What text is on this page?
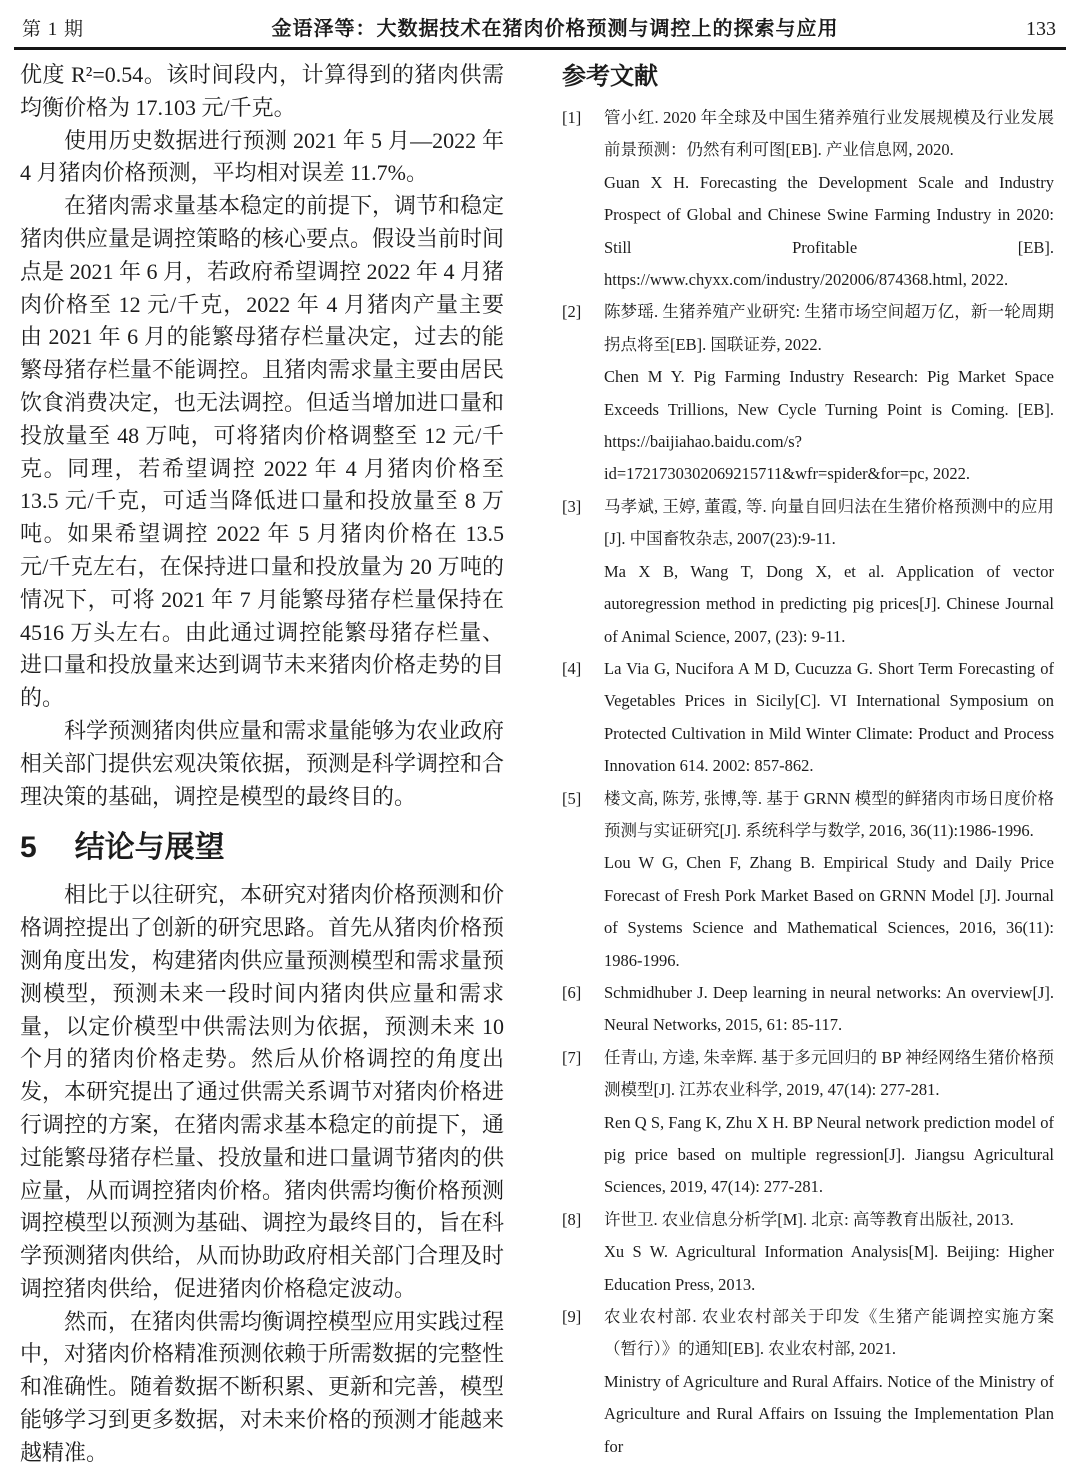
第 1 期	金语泽等：大数据技术在猪肉价格预测与调控上的探索与应用	133

优度 R²=0.54。该时间段内，计算得到的猪肉供需均衡价格为 17.103 元/千克。

使用历史数据进行预测 2021 年 5 月—2022 年 4 月猪肉价格预测，平均相对误差 11.7%。

在猪肉需求量基本稳定的前提下，调节和稳定猪肉供应量是调控策略的核心要点。假设当前时间点是 2021 年 6 月，若政府希望调控 2022 年 4 月猪肉价格至 12 元/千克，2022 年 4 月猪肉产量主要由 2021 年 6 月的能繁母猪存栏量决定，过去的能繁母猪存栏量不能调控。且猪肉需求量主要由居民饮食消费决定，也无法调控。但适当增加进口量和投放量至 48 万吨，可将猪肉价格调整至 12 元/千克。同理，若希望调控 2022 年 4 月猪肉价格至 13.5 元/千克，可适当降低进口量和投放量至 8 万吨。如果希望调控 2022 年 5 月猪肉价格在 13.5 元/千克左右，在保持进口量和投放量为 20 万吨的情况下，可将 2021 年 7 月能繁母猪存栏量保持在 4516 万头左右。由此通过调控能繁母猪存栏量、进口量和投放量来达到调节未来猪肉价格走势的目的。

科学预测猪肉供应量和需求量能够为农业政府相关部门提供宏观决策依据，预测是科学调控和合理决策的基础，调控是模型的最终目的。

5 结论与展望

相比于以往研究，本研究对猪肉价格预测和价格调控提出了创新的研究思路。首先从猪肉价格预测角度出发，构建猪肉供应量预测模型和需求量预测模型，预测未来一段时间内猪肉供应量和需求量，以定价模型中供需法则为依据，预测未来 10 个月的猪肉价格走势。然后从价格调控的角度出发，本研究提出了通过供需关系调节对猪肉价格进行调控的方案，在猪肉需求基本稳定的前提下，通过能繁母猪存栏量、投放量和进口量调节猪肉的供应量，从而调控猪肉价格。猪肉供需均衡价格预测调控模型以预测为基础、调控为最终目的，旨在科学预测猪肉供给，从而协助政府相关部门合理及时调控猪肉供给，促进猪肉价格稳定波动。

然而，在猪肉供需均衡调控模型应用实践过程中，对猪肉价格精准预测依赖于所需数据的完整性和准确性。随着数据不断积累、更新和完善，模型能够学习到更多数据，对未来价格的预测才能越来越精准。

参考文献
[1]	管小红. 2020 年全球及中国生猪养殖行业发展规模及行业发展前景预测：仍然有利可图[EB]. 产业信息网, 2020.

Guan X H. Forecasting the Development Scale and Industry Prospect of Global and Chinese Swine Farming Industry in 2020: Still Profitable [EB]. https://www.chyxx.com/industry/202006/874368.html, 2022.

[2]	陈梦瑶. 生猪养殖产业研究: 生猪市场空间超万亿，新一轮周期拐点将至[EB]. 国联证券, 2022.

Chen M Y. Pig Farming Industry Research: Pig Market Space Exceeds Trillions, New Cycle Turning Point is Coming. [EB]. https://baijiahao.baidu.com/s?id=1721730302069215711&wfr=spider&for=pc, 2022.

[3]	马孝斌, 王婷, 董霞, 等. 向量自回归法在生猪价格预测中的应用[J]. 中国畜牧杂志, 2007(23):9-11.

Ma X B, Wang T, Dong X, et al. Application of vector autoregression method in predicting pig prices[J]. Chinese Journal of Animal Science, 2007, (23): 9-11.

[4]	La Via G, Nucifora A M D, Cucuzza G. Short Term Forecasting of Vegetables Prices in Sicily[C]. VI International Symposium on Protected Cultivation in Mild Winter Climate: Product and Process Innovation 614. 2002: 857-862.

[5]	楼文高, 陈芳, 张博,等. 基于 GRNN 模型的鲜猪肉市场日度价格预测与实证研究[J]. 系统科学与数学, 2016, 36(11):1986-1996.

Lou W G, Chen F, Zhang B. Empirical Study and Daily Price Forecast of Fresh Pork Market Based on GRNN Model [J]. Journal of Systems Science and Mathematical Sciences, 2016, 36(11): 1986-1996.

[6]	Schmidhuber J. Deep learning in neural networks: An overview[J]. Neural Networks, 2015, 61: 85-117.

[7]	任青山, 方逵, 朱幸辉. 基于多元回归的 BP 神经网络生猪价格预测模型[J]. 江苏农业科学, 2019, 47(14): 277-281.

Ren Q S, Fang K, Zhu X H. BP Neural network prediction model of pig price based on multiple regression[J]. Jiangsu Agricultural Sciences, 2019, 47(14): 277-281.

[8]	许世卫. 农业信息分析学[M]. 北京: 高等教育出版社, 2013.

Xu S W. Agricultural Information Analysis[M]. Beijing: Higher Education Press, 2013.

[9]	农业农村部. 农业农村部关于印发《生猪产能调控实施方案（暂行）》的通知[EB]. 农业农村部, 2021.

Ministry of Agriculture and Rural Affairs. Notice of the Ministry of Agriculture and Rural Affairs on Issuing the Implementation Plan for
